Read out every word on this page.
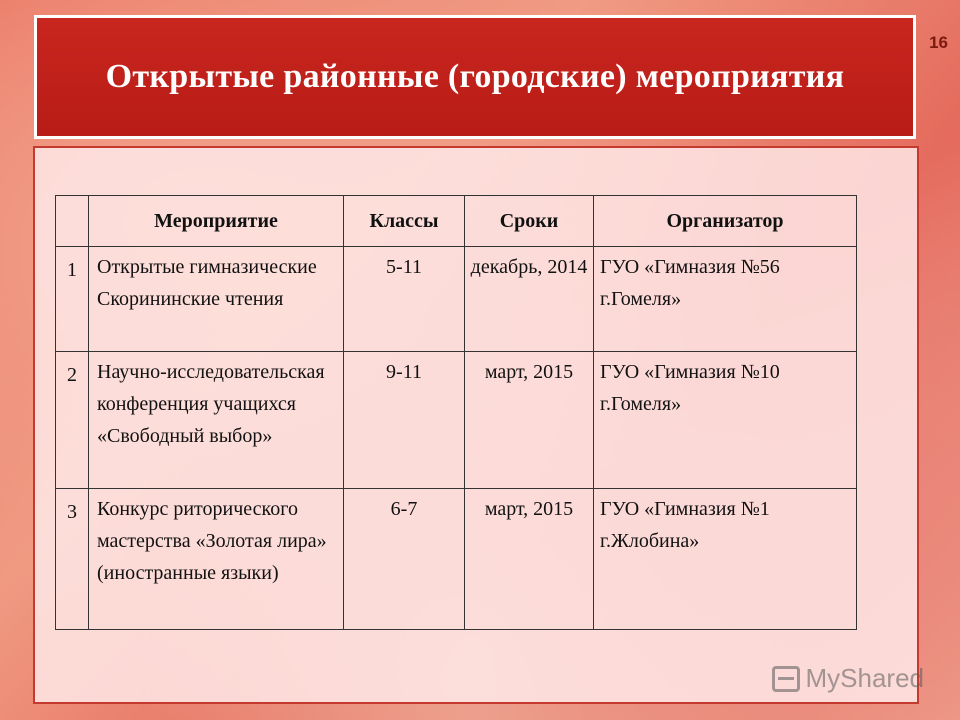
16
Открытые районные (городские) мероприятия
	Мероприятие	Классы	Сроки	Организатор
1	Открытые гимназические Скорининские чтения	5-11	декабрь, 2014	ГУО «Гимназия №56 г.Гомеля»
2	Научно-исследовательская конференция учащихся «Свободный выбор»	9-11	март, 2015	ГУО «Гимназия №10 г.Гомеля»
3	Конкурс риторического мастерства «Золотая лира» (иностранные языки)	6-7	март, 2015	ГУО «Гимназия №1 г.Жлобина»
MyShared
